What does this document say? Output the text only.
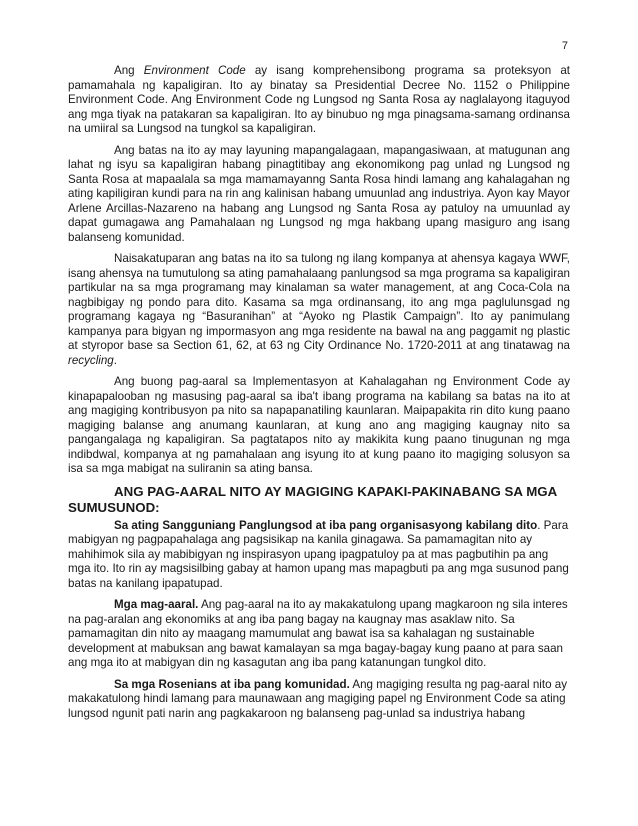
7

Ang Environment Code ay isang komprehensibong programa sa proteksyon at pamamahala ng kapaligiran. Ito ay binatay sa Presidential Decree No. 1152 o Philippine Environment Code. Ang Environment Code ng Lungsod ng Santa Rosa ay naglalayong itaguyod ang mga tiyak na patakaran sa kapaligiran. Ito ay binubuo ng mga pinagsama-samang ordinansa na umiiral sa Lungsod na tungkol sa kapaligiran.

Ang batas na ito ay may layuning mapangalagaan, mapangasiwaan, at matugunan ang lahat ng isyu sa kapaligiran habang pinagtitibay ang ekonomikong pag unlad ng Lungsod ng Santa Rosa at mapaalala sa mga mamamayanng Santa Rosa hindi lamang ang kahalagahan ng ating kapiligiran kundi para na rin ang kalinisan habang umuunlad ang industriya. Ayon kay Mayor Arlene Arcillas-Nazareno na habang ang Lungsod ng Santa Rosa ay patuloy na umuunlad ay dapat gumagawa ang Pamahalaan ng Lungsod ng mga hakbang upang masiguro ang isang balanseng komunidad.

Naisakatuparan ang batas na ito sa tulong ng ilang kompanya at ahensya kagaya WWF, isang ahensya na tumutulong sa ating pamahalaang panlungsod sa mga programa sa kapaligiran partikular na sa mga programang may kinalaman sa water management, at ang Coca-Cola na nagbibigay ng pondo para dito. Kasama sa mga ordinansang, ito ang mga paglulunsgad ng programang kagaya ng “Basuranihan” at “Ayoko ng Plastik Campaign”. Ito ay panimulang kampanya para bigyan ng impormasyon ang mga residente na bawal na ang paggamit ng plastic at styropor base sa Section 61, 62, at 63 ng City Ordinance No. 1720-2011 at ang tinatawag na recycling.

Ang buong pag-aaral sa Implementasyon at Kahalagahan ng Environment Code ay kinapapalooban ng masusing pag-aaral sa iba't ibang programa na kabilang sa batas na ito at ang magiging kontribusyon pa nito sa napapanatiling kaunlaran. Maipapakita rin dito kung paano magiging balanse ang anumang kaunlaran, at kung ano ang magiging kaugnay nito sa pangangalaga ng kapaligiran. Sa pagtatapos nito ay makikita kung paano tinugunan ng mga indibdwal, kompanya at ng pamahalaan ang isyung ito at kung paano ito magiging solusyon sa isa sa mga mabigat na suliranin sa ating bansa.

ANG PAG-AARAL NITO AY MAGIGING KAPAKI-PAKINABANG SA MGA SUMUSUNOD:

Sa ating Sangguniang Panglungsod at iba pang organisasyong kabilang dito. Para mabigyan ng pagpapahalaga ang pagsisikap na kanila ginagawa. Sa pamamagitan nito ay mahihimok sila ay mabibigyan ng inspirasyon upang ipagpatuloy pa at mas pagbutihin pa ang mga ito. Ito rin ay magsisilbing gabay at hamon upang mas mapagbuti pa ang mga susunod pang batas na kanilang ipapatupad.

Mga mag-aaral. Ang pag-aaral na ito ay makakatulong upang magkaroon ng sila interes na pag-aralan ang ekonomiks at ang iba pang bagay na kaugnay mas asaklaw nito. Sa pamamagitan din nito ay maagang mamumulat ang bawat isa sa kahalagan ng sustainable development at mabuksan ang bawat kamalayan sa mga bagay-bagay kung paano at para saan ang mga ito at mabigyan din ng kasagutan ang iba pang katanungan tungkol dito.

Sa mga Rosenians at iba pang komunidad. Ang magiging resulta ng pag-aaral nito ay makakatulong hindi lamang para maunawaan ang magiging papel ng Environment Code sa ating lungsod ngunit pati narin ang pagkakaroon ng balanseng pag-unlad sa industriya habang
